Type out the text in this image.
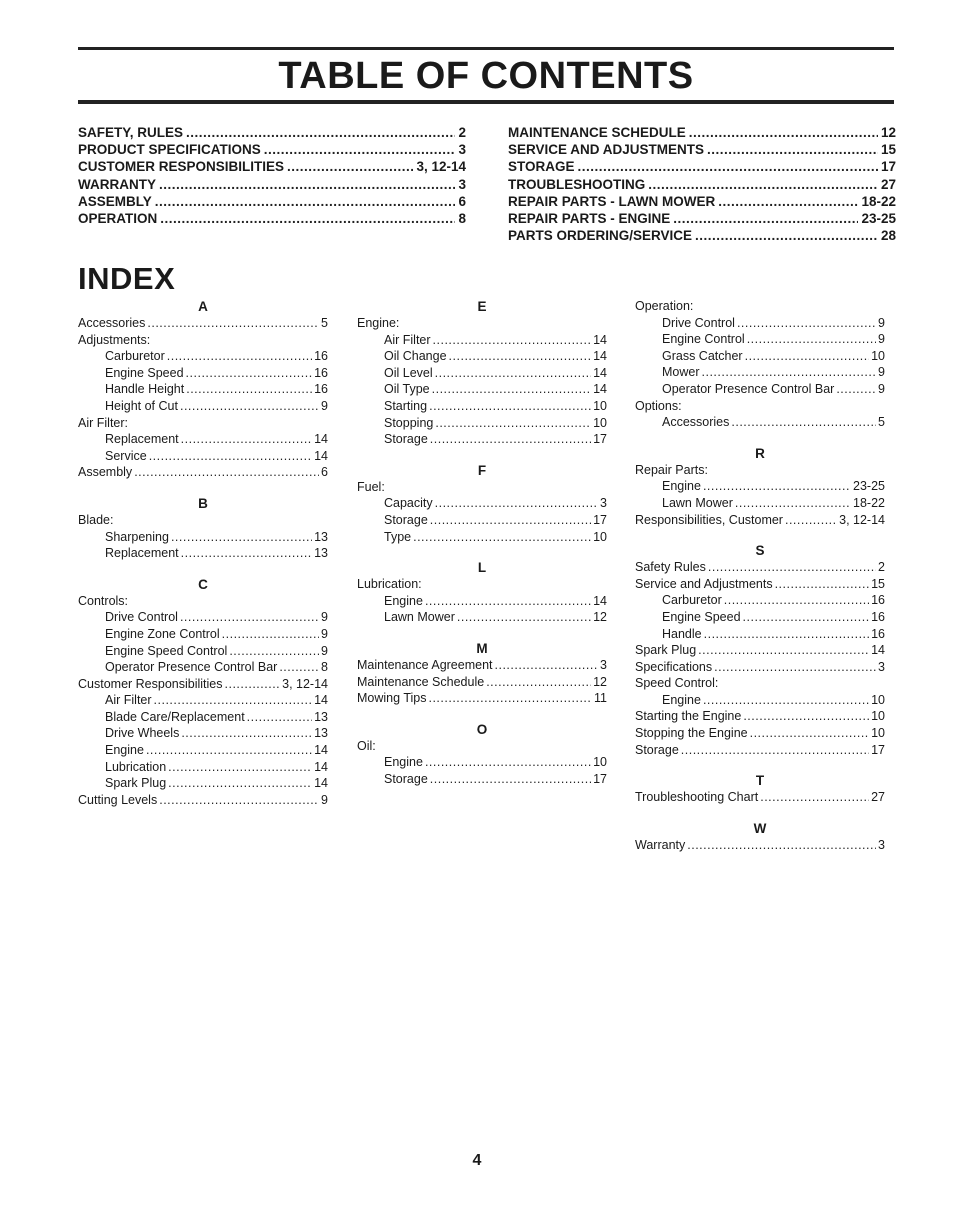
TABLE OF CONTENTS
SAFETY, RULES .....	2
PRODUCT SPECIFICATIONS .....	3
CUSTOMER RESPONSIBILITIES .....	3, 12-14
WARRANTY .....	3
ASSEMBLY .....	6
OPERATION .....	8
MAINTENANCE SCHEDULE .....	12
SERVICE AND ADJUSTMENTS .....	15
STORAGE .....	17
TROUBLESHOOTING .....	27
REPAIR PARTS - LAWN MOWER .....	18-22
REPAIR PARTS - ENGINE .....	23-25
PARTS ORDERING/SERVICE .....	28
INDEX
A
Accessories .....	5
Adjustments:
Carburetor .....	16
Engine Speed .....	16
Handle Height .....	16
Height of Cut .....	9
Air Filter:
Replacement .....	14
Service .....	14
Assembly .....	6
B
Blade:
Sharpening .....	13
Replacement .....	13
C
Controls:
Drive Control .....	9
Engine Zone Control .....	9
Engine Speed Control .....	9
Operator Presence Control Bar .....	8
Customer Responsibilities .....	3, 12-14
Air Filter .....	14
Blade Care/Replacement .....	13
Drive Wheels .....	13
Engine .....	14
Lubrication .....	14
Spark Plug .....	14
Cutting Levels .....	9
E
Engine:
Air Filter .....	14
Oil Change .....	14
Oil Level .....	14
Oil Type .....	14
Starting .....	10
Stopping .....	10
Storage .....	17
F
Fuel:
Capacity .....	3
Storage .....	17
Type .....	10
L
Lubrication:
Engine .....	14
Lawn Mower .....	12
M
Maintenance Agreement .....	3
Maintenance Schedule .....	12
Mowing Tips .....	11
O
Oil:
Engine .....	10
Storage .....	17
Operation:
Drive Control .....	9
Engine Control .....	9
Grass Catcher .....	10
Mower .....	9
Operator Presence Control Bar .....	9
Options:
Accessories .....	5
R
Repair Parts:
Engine .....	23-25
Lawn Mower .....	18-22
Responsibilities, Customer .....	3, 12-14
S
Safety Rules .....	2
Service and Adjustments .....	15
Carburetor .....	16
Engine Speed .....	16
Handle .....	16
Spark Plug .....	14
Specifications .....	3
Speed Control:
Engine .....	10
Starting the Engine .....	10
Stopping the Engine .....	10
Storage .....	17
T
Troubleshooting Chart .....	27
W
Warranty .....	3
4
